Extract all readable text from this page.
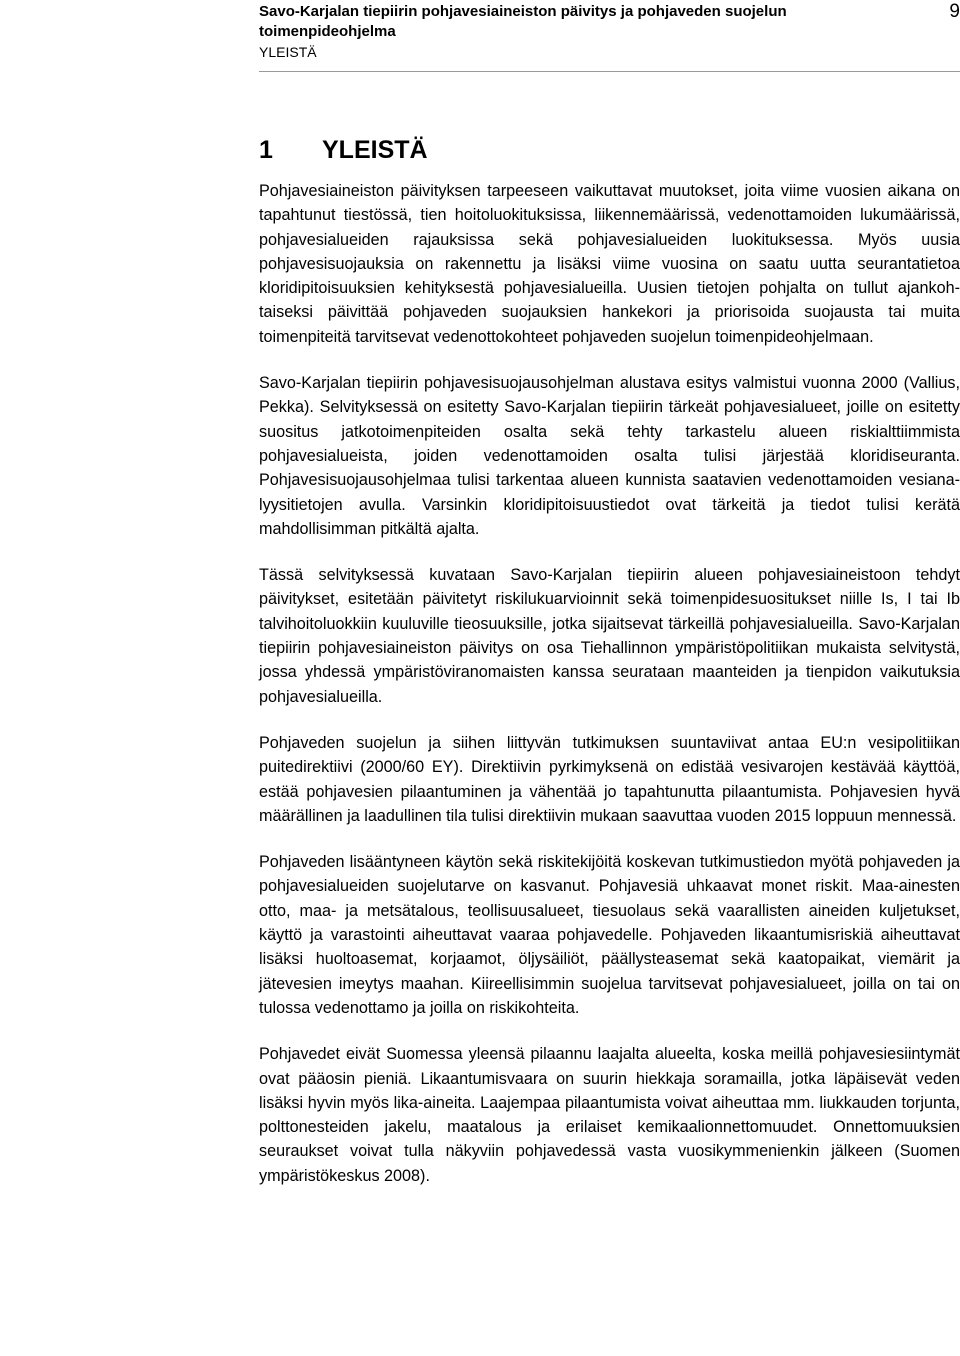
Savo-Karjalan tiepiirin pohjavesiaineiston päivitys ja pohjaveden suojelun toimenpideohjelma
YLEISTÄ
9
1 YLEISTÄ

Pohjavesiaineiston päivityksen tarpeeseen vaikuttavat muutokset, joita viime vuosien aikana on tapahtunut tiestössä, tien hoitoluokituksissa, liikennemäärissä, vedenottamoiden lukumäärissä, pohjavesialueiden rajauksissa sekä pohjavesialueiden luokituksessa. Myös uusia pohjavesisuojauksia on rakennettu ja lisäksi viime vuosina on saatu uutta seurantatietoa kloridipitoisuuksien kehityksestä pohjavesialueilla. Uusien tietojen pohjalta on tullut ajankohtaiseksi päivittää pohjaveden suojauksien hankekori ja priorisoida suojausta tai muita toimenpiteitä tarvitsevat vedenottokohteet pohjaveden suojelun toimenpideohjelmaan.

Savo-Karjalan tiepiirin pohjavesisuojausohjelman alustava esitys valmistui vuonna 2000 (Vallius, Pekka). Selvityksessä on esitetty Savo-Karjalan tiepiirin tärkeät pohjavesialueet, joille on esitetty suositus jatkotoimenpiteiden osalta sekä tehty tarkastelu alueen riskialttiimmista pohjavesialueista, joiden vedenottamoiden osalta tulisi järjestää kloridiseuranta. Pohjavesisuojausohjelmaa tulisi tarkentaa alueen kunnista saatavien vedenottamoiden vesianalyysitietojen avulla. Varsinkin kloridipitoisuustiedot ovat tärkeitä ja tiedot tulisi kerätä mahdollisimman pitkältä ajalta.

Tässä selvityksessä kuvataan Savo-Karjalan tiepiirin alueen pohjavesiaineistoon tehdyt päivitykset, esitetään päivitetyt riskilukuarvioinnit sekä toimenpidesuositukset niille Is, I tai Ib talvihoitoluokkiin kuuluville tieosuuksille, jotka sijaitsevat tärkeillä pohjavesialueilla. Savo-Karjalan tiepiirin pohjavesiaineiston päivitys on osa Tiehallinnon ympäristöpolitiikan mukaista selvitystä, jossa yhdessä ympäristöviranomaisten kanssa seurataan maanteiden ja tienpidon vaikutuksia pohjavesialueilla.

Pohjaveden suojelun ja siihen liittyvän tutkimuksen suuntaviivat antaa EU:n vesipolitiikan puitedirektiivi (2000/60 EY). Direktiivin pyrkimyksenä on edistää vesivarojen kestävää käyttöä, estää pohjavesien pilaantuminen ja vähentää jo tapahtunutta pilaantumista. Pohjavesien hyvä määrällinen ja laadullinen tila tulisi direktiivin mukaan saavuttaa vuoden 2015 loppuun mennessä.

Pohjaveden lisääntyneen käytön sekä riskitekijöitä koskevan tutkimustiedon myötä pohjaveden ja pohjavesialueiden suojelutarve on kasvanut. Pohjavesiä uhkaavat monet riskit. Maa-ainesten otto, maa- ja metsätalous, teollisuusalueet, tiesuolaus sekä vaarallisten aineiden kuljetukset, käyttö ja varastointi aiheuttavat vaaraa pohjavedelle. Pohjaveden likaantumisriskiä aiheuttavat lisäksi huoltoasemat, korjaamot, öljysäiliöt, päällysteasemat sekä kaatopaikat, viemärit ja jätevesien imeytys maahan. Kiireellisimmin suojelua tarvitsevat pohjavesialueet, joilla on tai on tulossa vedenottamo ja joilla on riskikohteita.

Pohjavedet eivät Suomessa yleensä pilaannu laajalta alueelta, koska meillä pohjavesiesiintymät ovat pääosin pieniä. Likaantumisvaara on suurin hiekkaja soramailla, jotka läpäisevät veden lisäksi hyvin myös lika-aineita. Laajempaa pilaantumista voivat aiheuttaa mm. liukkauden torjunta, polttonesteiden jakelu, maatalous ja erilaiset kemikaalionnettomuudet. Onnettomuuksien seuraukset voivat tulla näkyviin pohjavedessä vasta vuosikymmenienkin jälkeen (Suomen ympäristökeskus 2008).
